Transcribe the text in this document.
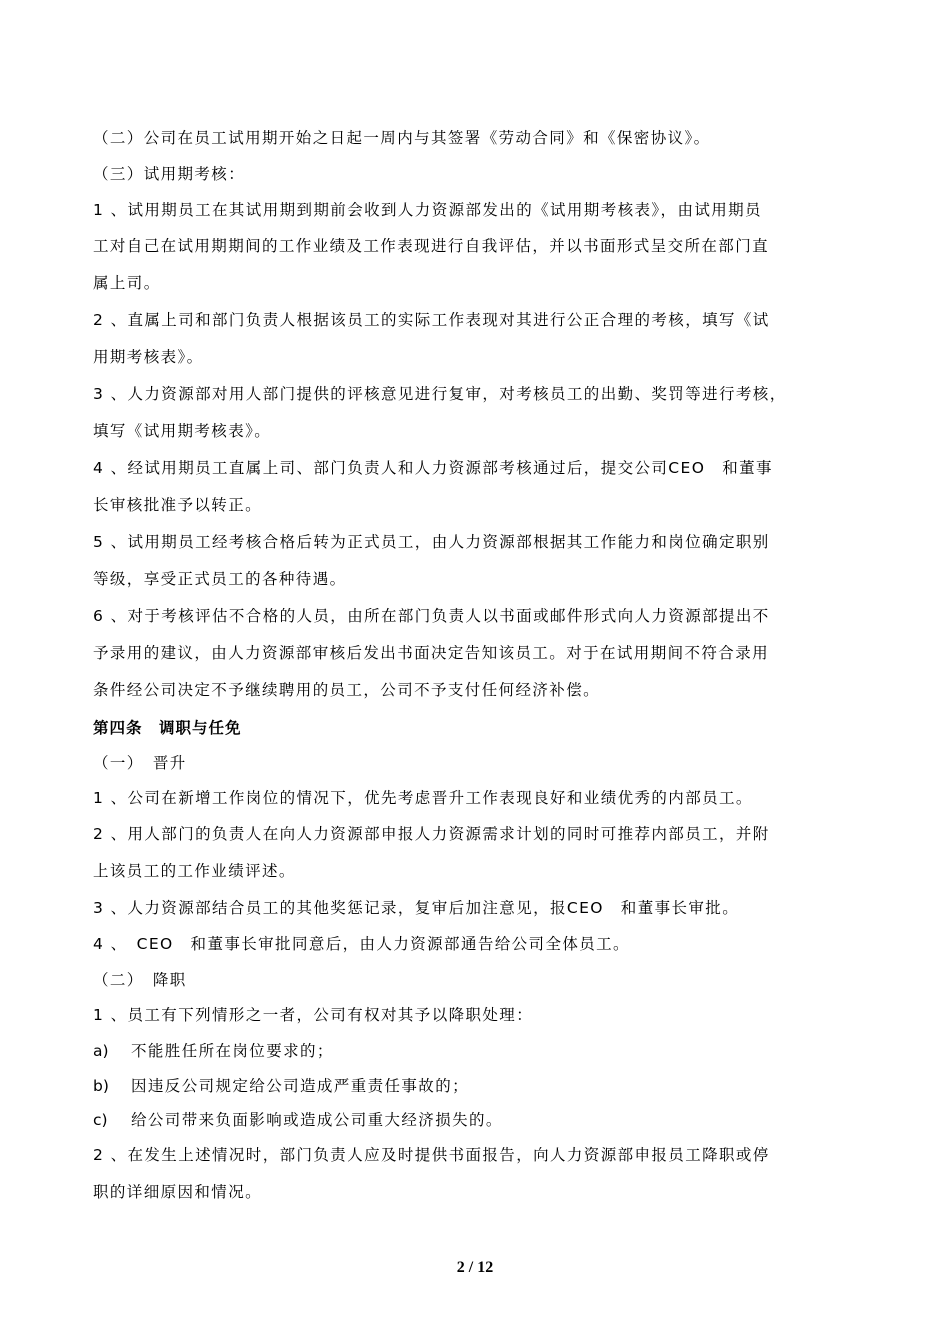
（二）公司在员工试用期开始之日起一周内与其签署《劳动合同》和《保密协议》。
（三）试用期考核：
1 、试用期员工在其试用期到期前会收到人力资源部发出的《试用期考核表》，由试用期员
工对自己在试用期期间的工作业绩及工作表现进行自我评估，并以书面形式呈交所在部门直
属上司。
2 、直属上司和部门负责人根据该员工的实际工作表现对其进行公正合理的考核，填写《试
用期考核表》。
3 、人力资源部对用人部门提供的评核意见进行复审，对考核员工的出勤、奖罚等进行考核，
填写《试用期考核表》。
4 、经试用期员工直属上司、部门负责人和人力资源部考核通过后，提交公司CEO　和董事
长审核批准予以转正。
5 、试用期员工经考核合格后转为正式员工，由人力资源部根据其工作能力和岗位确定职别
等级，享受正式员工的各种待遇。
6 、对于考核评估不合格的人员，由所在部门负责人以书面或邮件形式向人力资源部提出不
予录用的建议，由人力资源部审核后发出书面决定告知该员工。对于在试用期间不符合录用
条件经公司决定不予继续聘用的员工，公司不予支付任何经济补偿。
第四条　调职与任免
（一）　晋升
1 、公司在新增工作岗位的情况下，优先考虑晋升工作表现良好和业绩优秀的内部员工。
2 、用人部门的负责人在向人力资源部申报人力资源需求计划的同时可推荐内部员工，并附
上该员工的工作业绩评述。
3 、人力资源部结合员工的其他奖惩记录，复审后加注意见，报CEO　和董事长审批。
4 、　CEO　和董事长审批同意后，由人力资源部通告给公司全体员工。
（二）　降职
1 、员工有下列情形之一者，公司有权对其予以降职处理：
a) 不能胜任所在岗位要求的；
b) 因违反公司规定给公司造成严重责任事故的；
c) 给公司带来负面影响或造成公司重大经济损失的。
2 、在发生上述情况时，部门负责人应及时提供书面报告，向人力资源部申报员工降职或停
职的详细原因和情况。
2 / 12
